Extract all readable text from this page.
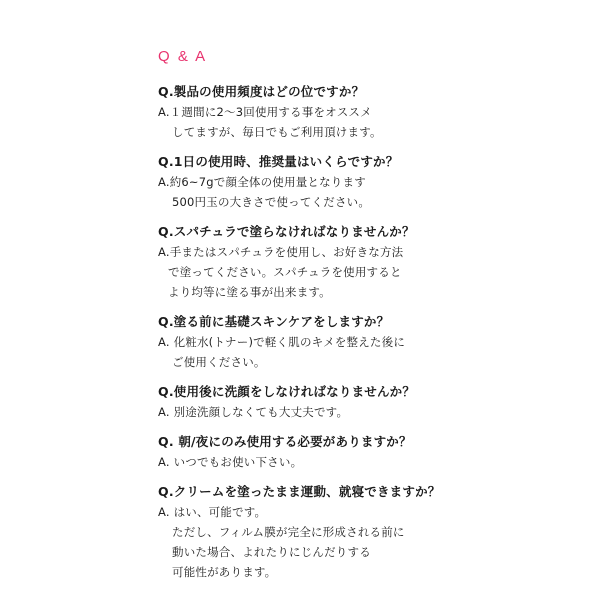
Q & A
Q.製品の使用頻度はどの位ですか？
A.１週間に2〜3回使用する事をオススメ
してますが、毎日でもご利用頂けます。
Q.1日の使用時、推奨量はいくらですか？
A.約6~7gで顔全体の使用量となります
500円玉の大きさで使ってください。
Q.スパチュラで塗らなければなりませんか？
A.手またはスパチュラを使用し、お好きな方法
で塗ってください。スパチュラを使用すると
より均等に塗る事が出来ます。
Q.塗る前に基礎スキンケアをしますか？
A. 化粧水(トナー)で軽く肌のキメを整えた後に
ご使用ください。
Q.使用後に洗顔をしなければなりませんか？
A. 別途洗顔しなくても大丈夫です。
Q. 朝/夜にのみ使用する必要がありますか？
A. いつでもお使い下さい。
Q.クリームを塗ったまま運動、就寝できますか？
A. はい、可能です。
ただし、フィルム膜が完全に形成される前に
動いた場合、よれたりにじんだりする
可能性があります。
